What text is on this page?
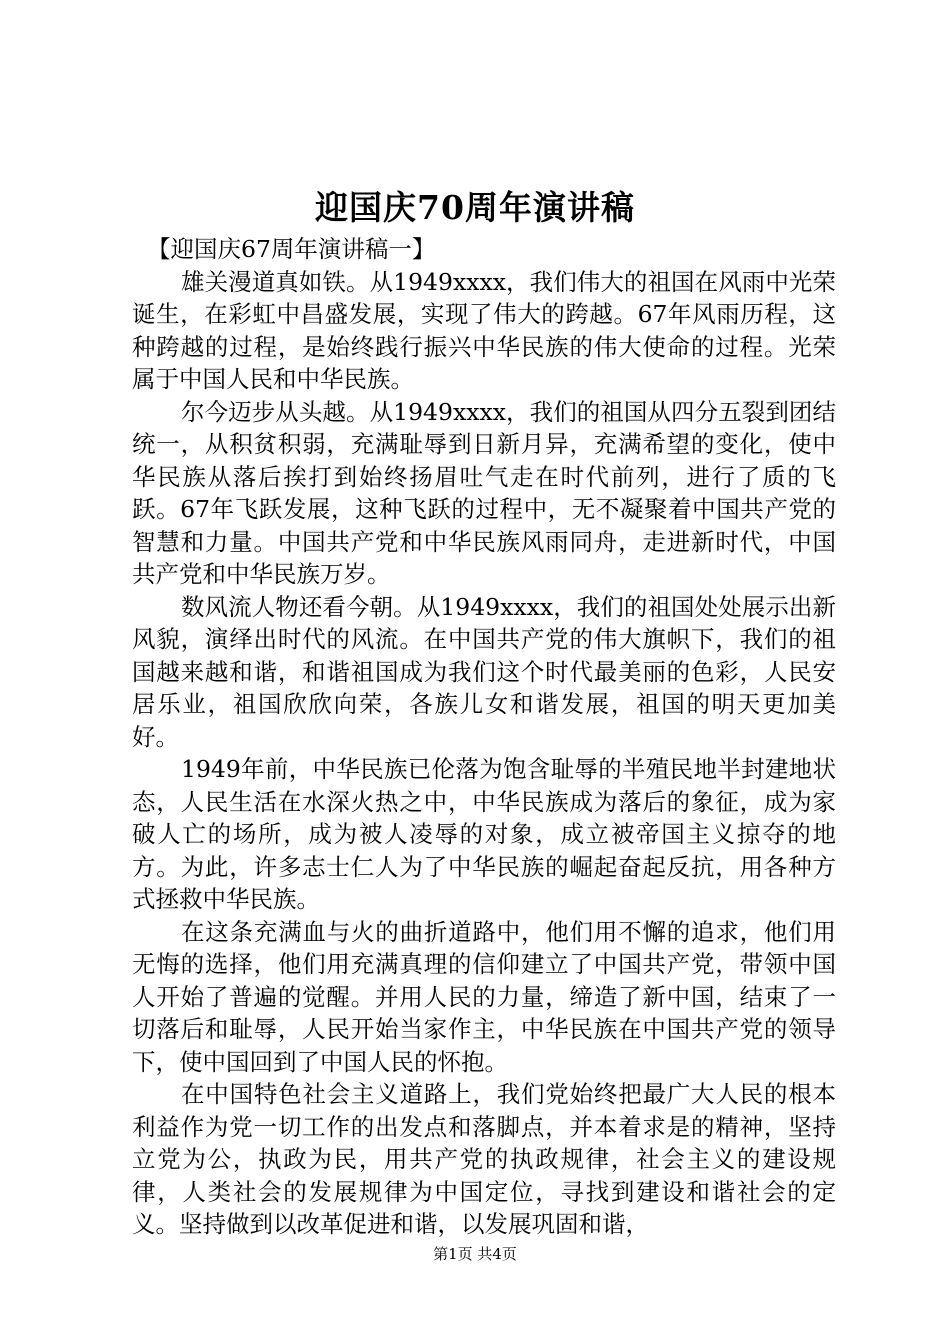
迎国庆70周年演讲稿

【迎国庆67周年演讲稿一】

雄关漫道真如铁。从1949xxxx，我们伟大的祖国在风雨中光荣诞生，在彩虹中昌盛发展，实现了伟大的跨越。67年风雨历程，这种跨越的过程，是始终践行振兴中华民族的伟大使命的过程。光荣属于中国人民和中华民族。

尔今迈步从头越。从1949xxxx，我们的祖国从四分五裂到团结统一，从积贫积弱，充满耻辱到日新月异，充满希望的变化，使中华民族从落后挨打到始终扬眉吐气走在时代前列，进行了质的飞跃。67年飞跃发展，这种飞跃的过程中，无不凝聚着中国共产党的智慧和力量。中国共产党和中华民族风雨同舟，走进新时代，中国共产党和中华民族万岁。

数风流人物还看今朝。从1949xxxx，我们的祖国处处展示出新风貌，演绎出时代的风流。在中国共产党的伟大旗帜下，我们的祖国越来越和谐，和谐祖国成为我们这个时代最美丽的色彩，人民安居乐业，祖国欣欣向荣，各族儿女和谐发展，祖国的明天更加美好。

1949年前，中华民族已伦落为饱含耻辱的半殖民地半封建地状态，人民生活在水深火热之中，中华民族成为落后的象征，成为家破人亡的场所，成为被人凌辱的对象，成立被帝国主义掠夺的地方。为此，许多志士仁人为了中华民族的崛起奋起反抗，用各种方式拯救中华民族。

在这条充满血与火的曲折道路中，他们用不懈的追求，他们用无悔的选择，他们用充满真理的信仰建立了中国共产党，带领中国人开始了普遍的觉醒。并用人民的力量，缔造了新中国，结束了一切落后和耻辱，人民开始当家作主，中华民族在中国共产党的领导下，使中国回到了中国人民的怀抱。

在中国特色社会主义道路上，我们党始终把最广大人民的根本利益作为党一切工作的出发点和落脚点，并本着求是的精神，坚持立党为公，执政为民，用共产党的执政规律，社会主义的建设规律，人类社会的发展规律为中国定位，寻找到建设和谐社会的定义。坚持做到以改革促进和谐，以发展巩固和谐，

第1页 共4页
